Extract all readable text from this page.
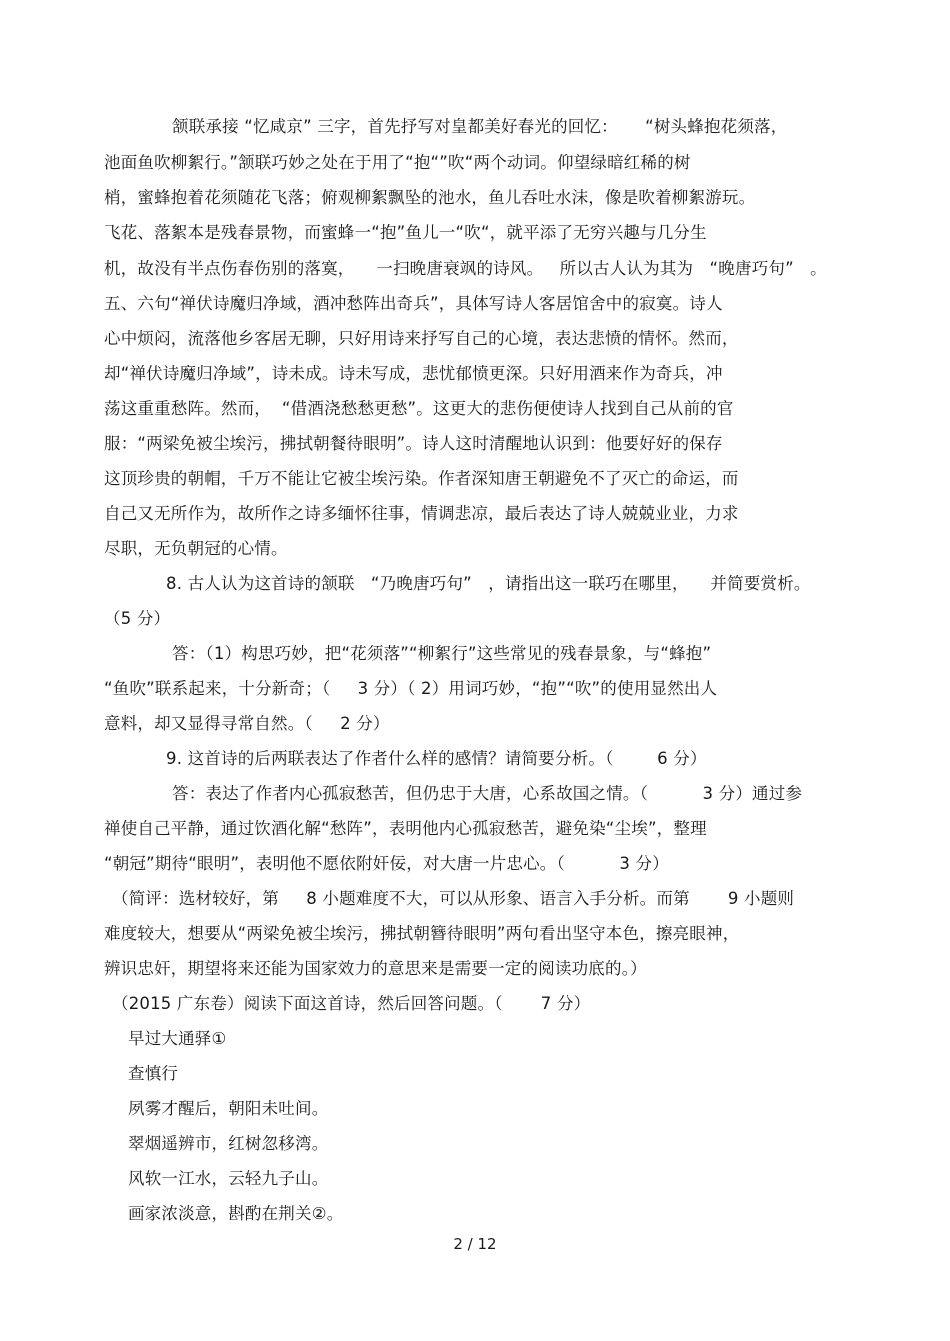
颔联承接 “忆咸京” 三字，首先抒写对皇都美好春光的回忆：     “树头蜂抱花须落，
池面鱼吹柳絮行。”颔联巧妙之处在于用了“抱“”吹“两个动词。仰望绿暗红稀的树
梢，蜜蜂抱着花须随花飞落；俯观柳絮飘坠的池水，鱼儿吞吐水沫，像是吹着柳絮游玩。
飞花、落絮本是残春景物，而蜜蜂一“抱”鱼儿一“吹“，就平添了无穷兴趣与几分生
机，故没有半点伤春伤别的落寞，    一扫晚唐衰飒的诗风。   所以古人认为其为   “晚唐巧句”   。
五、六句“禅伏诗魔归净域，酒冲愁阵出奇兵”，具体写诗人客居馆舍中的寂寞。诗人
心中烦闷，流落他乡客居无聊，只好用诗来抒写自己的心境，表达悲愤的情怀。然而，
却“禅伏诗魔归净域”，诗未成。诗未写成，悲忧郁愤更深。只好用酒来作为奇兵，冲
荡这重重愁阵。然而，  “借酒浇愁愁更愁”。这更大的悲伤便使诗人找到自己从前的官
服：“两梁免被尘埃污，拂拭朝餐待眼明”。诗人这时清醒地认识到：他要好好的保存
这顶珍贵的朝帽，千万不能让它被尘埃污染。作者深知唐王朝避免不了灭亡的命运，而
自己又无所作为，故所作之诗多缅怀往事，情调悲凉，最后表达了诗人兢兢业业，力求
尽职，无负朝冠的心情。
8. 古人认为这首诗的颔联   “乃晚唐巧句”   ，请指出这一联巧在哪里，    并简要赏析。
（5 分）
答：（1）构思巧妙，把“花须落”“柳絮行”这些常见的残春景象，与“蜂抱”
“鱼吹”联系起来，十分新奇；（     3 分）（ 2）用词巧妙，“抱”“吹”的使用显然出人
意料，却又显得寻常自然。（     2 分）
9. 这首诗的后两联表达了作者什么样的感情？请简要分析。（        6 分）
答：表达了作者内心孤寂愁苦，但仍忠于大唐，心系故国之情。（          3 分）通过参
禅使自己平静，通过饮酒化解“愁阵”，表明他内心孤寂愁苦，避免染“尘埃”，整理
“朝冠”期待“眼明”，表明他不愿依附奸佞，对大唐一片忠心。（          3 分）
（简评：选材较好，第     8 小题难度不大，可以从形象、语言入手分析。而第       9 小题则
难度较大，想要从“两梁免被尘埃污，拂拭朝簪待眼明”两句看出坚守本色，擦亮眼神，
辨识忠奸，期望将来还能为国家效力的意思来是需要一定的阅读功底的。）
（2015 广东卷）阅读下面这首诗，然后回答问题。（       7 分）
早过大通驿①
查慎行
夙雾才醒后，朝阳未吐间。
翠烟遥辨市，红树忽移湾。
风软一江水，云轻九子山。
画家浓淡意，斟酌在荆关②。
2 / 12
